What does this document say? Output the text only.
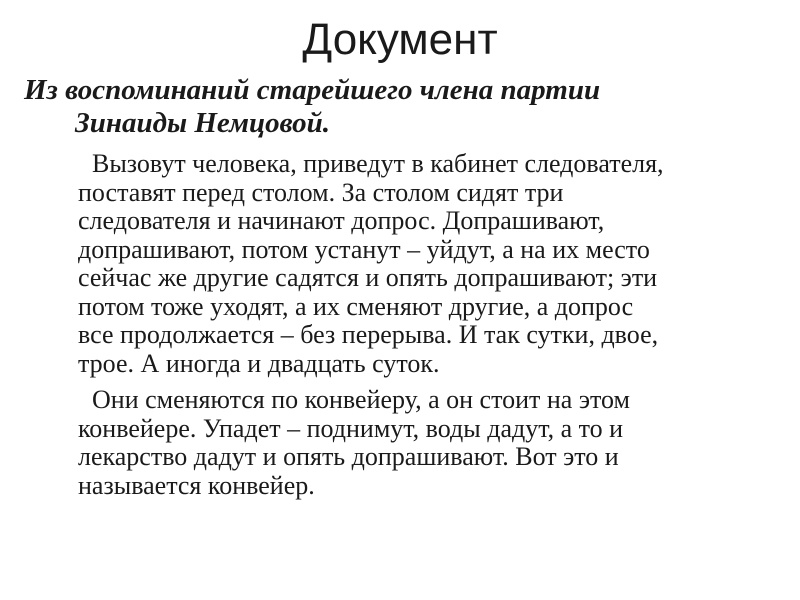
Документ
Из воспоминаний старейшего члена партии
Зинаиды Немцовой.

Вызовут человека, приведут в кабинет следователя,
поставят перед столом. За столом сидят три
следователя и начинают допрос. Допрашивают,
допрашивают, потом устанут – уйдут, а на их место
сейчас же другие садятся и опять допрашивают; эти
потом тоже уходят, а их сменяют другие, а допрос
все продолжается – без перерыва. И так сутки, двое,
трое. А иногда и двадцать суток.

Они сменяются по конвейеру, а он стоит на этом
конвейере. Упадет – поднимут, воды дадут, а то и
лекарство дадут и опять допрашивают. Вот это и
называется конвейер.
